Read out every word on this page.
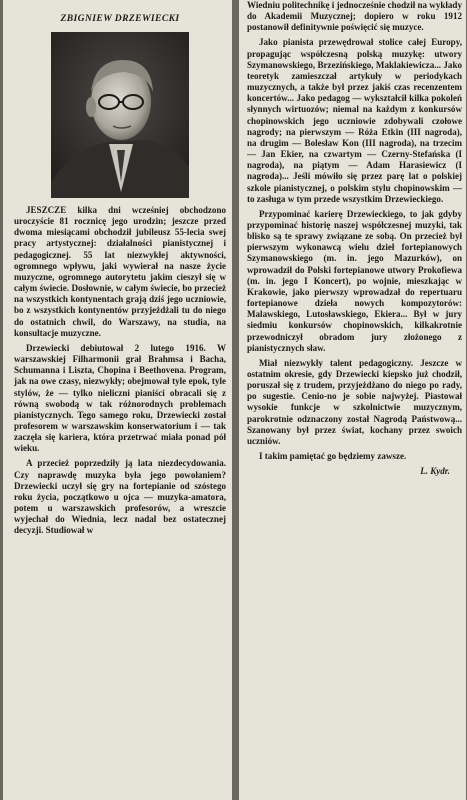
ZBIGNIEW DRZEWIECKI

JESZCZE kilka dni wcześniej obchodzono uroczyście 81 rocznicę jego urodzin; jeszcze przed dwoma miesiącami obchodził jubileusz 55-lecia swej pracy artystycznej: działalności pianistycznej i pedagogicznej. 55 lat niezwykłej aktywności, ogromnego wpływu, jaki wywierał na nasze życie muzyczne, ogromnego autorytetu jakim cieszył się w całym świecie. Dosłownie, w całym świecie, bo przecież na wszystkich kontynentach grają dziś jego uczniowie, bo z wszystkich kontynentów przyjeżdżali tu do niego do ostatnich chwil, do Warszawy, na studia, na konsultacje muzyczne.

Drzewiecki debiutował 2 lutego 1916. W warszawskiej Filharmonii grał Brahmsa i Bacha, Schumanna i Liszta, Chopina i Beethovena. Program, jak na owe czasy, niezwykły; obejmował tyle epok, tyle stylów, że — tylko nieliczni pianiści obracali się z równą swobodą w tak różnorodnych problemach pianistycznych. Tego samego roku, Drzewiecki został profesorem w warszawskim konserwatorium i — tak zaczęła się kariera, która przetrwać miała ponad pół wieku.

A przecież poprzedziły ją lata niezdecydowania. Czy naprawdę muzyka była jego powołaniem? Drzewiecki uczył się gry na fortepianie od szóstego roku życia, początkowo u ojca — muzyka-amatora, potem u warszawskich profesorów, a wreszcie wyjechał do Wiednia, lecz nadal bez ostatecznej decyzji. Studiował w

Wiedniu politechnikę i jednocześnie chodził na wykłady do Akademii Muzycznej; dopiero w roku 1912 postanowił definitywnie poświęcić się muzyce.

Jako pianista przewędrował stolice całej Europy, propagując współczesną polską muzykę: utwory Szymanowskiego, Brzezińskiego, Maklakiewicza... Jako teoretyk zamieszczał artykuły w periodykach muzycznych, a także był przez jakiś czas recenzentem koncertów... Jako pedagog — wykształcił kilka pokoleń słynnych wirtuozów; niemal na każdym z konkursów chopinowskich jego uczniowie zdobywali czołowe nagrody; na pierwszym — Róża Etkin (III nagroda), na drugim — Bolesław Kon (III nagroda), na trzecim — Jan Ekier, na czwartym — Czerny-Stefańska (I nagroda), na piątym — Adam Harasiewicz (I nagroda)... Jeśli mówiło się przez parę lat o polskiej szkole pianistycznej, o polskim stylu chopinowskim — to zasługa w tym przede wszystkim Drzewieckiego.

Przypominać karierę Drzewieckiego, to jak gdyby przypominać historię naszej współczesnej muzyki, tak blisko są te sprawy związane ze sobą. On przecież był pierwszym wykonawcą wielu dzieł fortepianowych Szymanowskiego (m. in. jego Mazurków), on wprowadził do Polski fortepianowe utwory Prokofiewa (m. in. jego I Koncert), po wojnie, mieszkając w Krakowie, jako pierwszy wprowadzał do repertuaru fortepianowe dzieła nowych kompozytorów: Malawskiego, Lutosławskiego, Ekiera... Był w jury siedmiu konkursów chopinowskich, kilkakrotnie przewodniczył obradom jury złożonego z pianistycznych sław.

Miał niezwykły talent pedagogiczny. Jeszcze w ostatnim okresie, gdy Drzewiecki kiepsko już chodził, poruszał się z trudem, przyjeżdżano do niego po rady, po sugestie. Cenio-no je sobie najwyżej. Piastował wysokie funkcje w szkolnictwie muzycznym, parokrotnie odznaczony został Nagrodą Państwową... Szanowany był przez świat, kochany przez swoich uczniów.

I takim pamiętać go będziemy zawsze.

L. Kydr.
